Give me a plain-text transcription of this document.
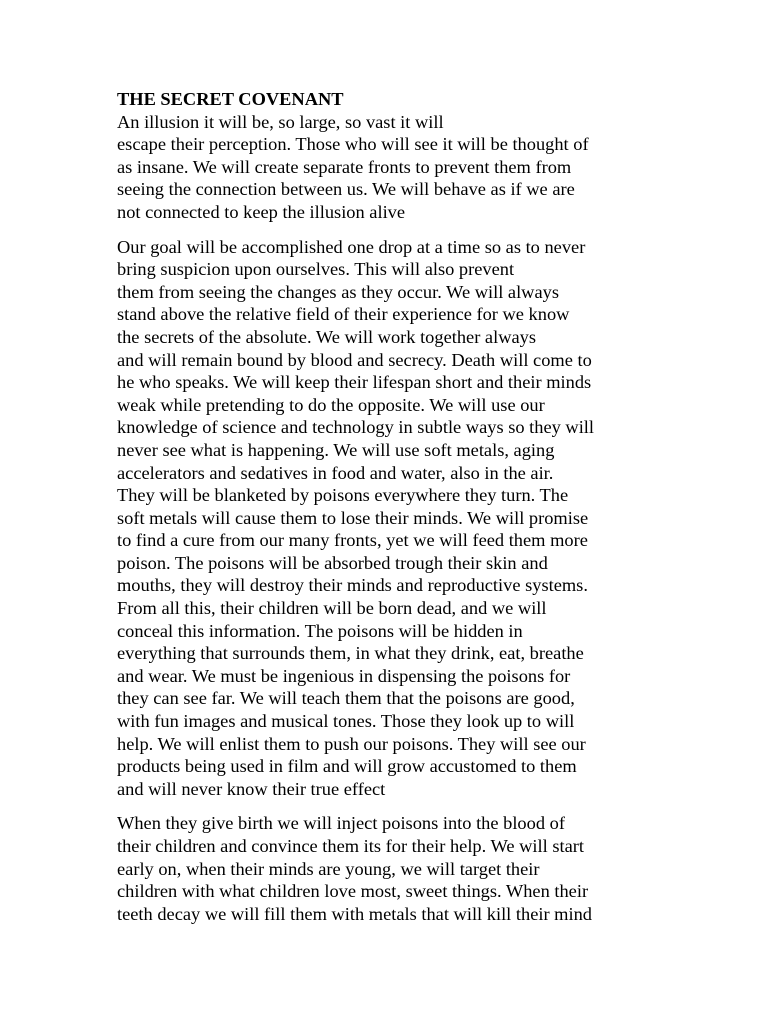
THE SECRET COVENANT
An illusion it will be, so large, so vast it will
escape their perception. Those who will see it will be thought of
as insane. We will create separate fronts to prevent them from
seeing the connection between us. We will behave as if we are
not connected to keep the illusion alive
Our goal will be accomplished one drop at a time so as to never
bring suspicion upon ourselves. This will also prevent
them from seeing the changes as they occur. We will always
stand above the relative field of their experience for we know
the secrets of the absolute. We will work together always
and will remain bound by blood and secrecy. Death will come to
he who speaks. We will keep their lifespan short and their minds
weak while pretending to do the opposite. We will use our
knowledge of science and technology in subtle ways so they will
never see what is happening. We will use soft metals, aging
accelerators and sedatives in food and water, also in the air.
They will be blanketed by poisons everywhere they turn. The
soft metals will cause them to lose their minds. We will promise
to find a cure from our many fronts, yet we will feed them more
poison. The poisons will be absorbed trough their skin and
mouths, they will destroy their minds and reproductive systems.
From all this, their children will be born dead, and we will
conceal this information. The poisons will be hidden in
everything that surrounds them, in what they drink, eat, breathe
and wear. We must be ingenious in dispensing the poisons for
they can see far. We will teach them that the poisons are good,
with fun images and musical tones. Those they look up to will
help. We will enlist them to push our poisons. They will see our
products being used in film and will grow accustomed to them
and will never know their true effect
When they give birth we will inject poisons into the blood of
their children and convince them its for their help. We will start
early on, when their minds are young, we will target their
children with what children love most, sweet things. When their
teeth decay we will fill them with metals that will kill their mind
